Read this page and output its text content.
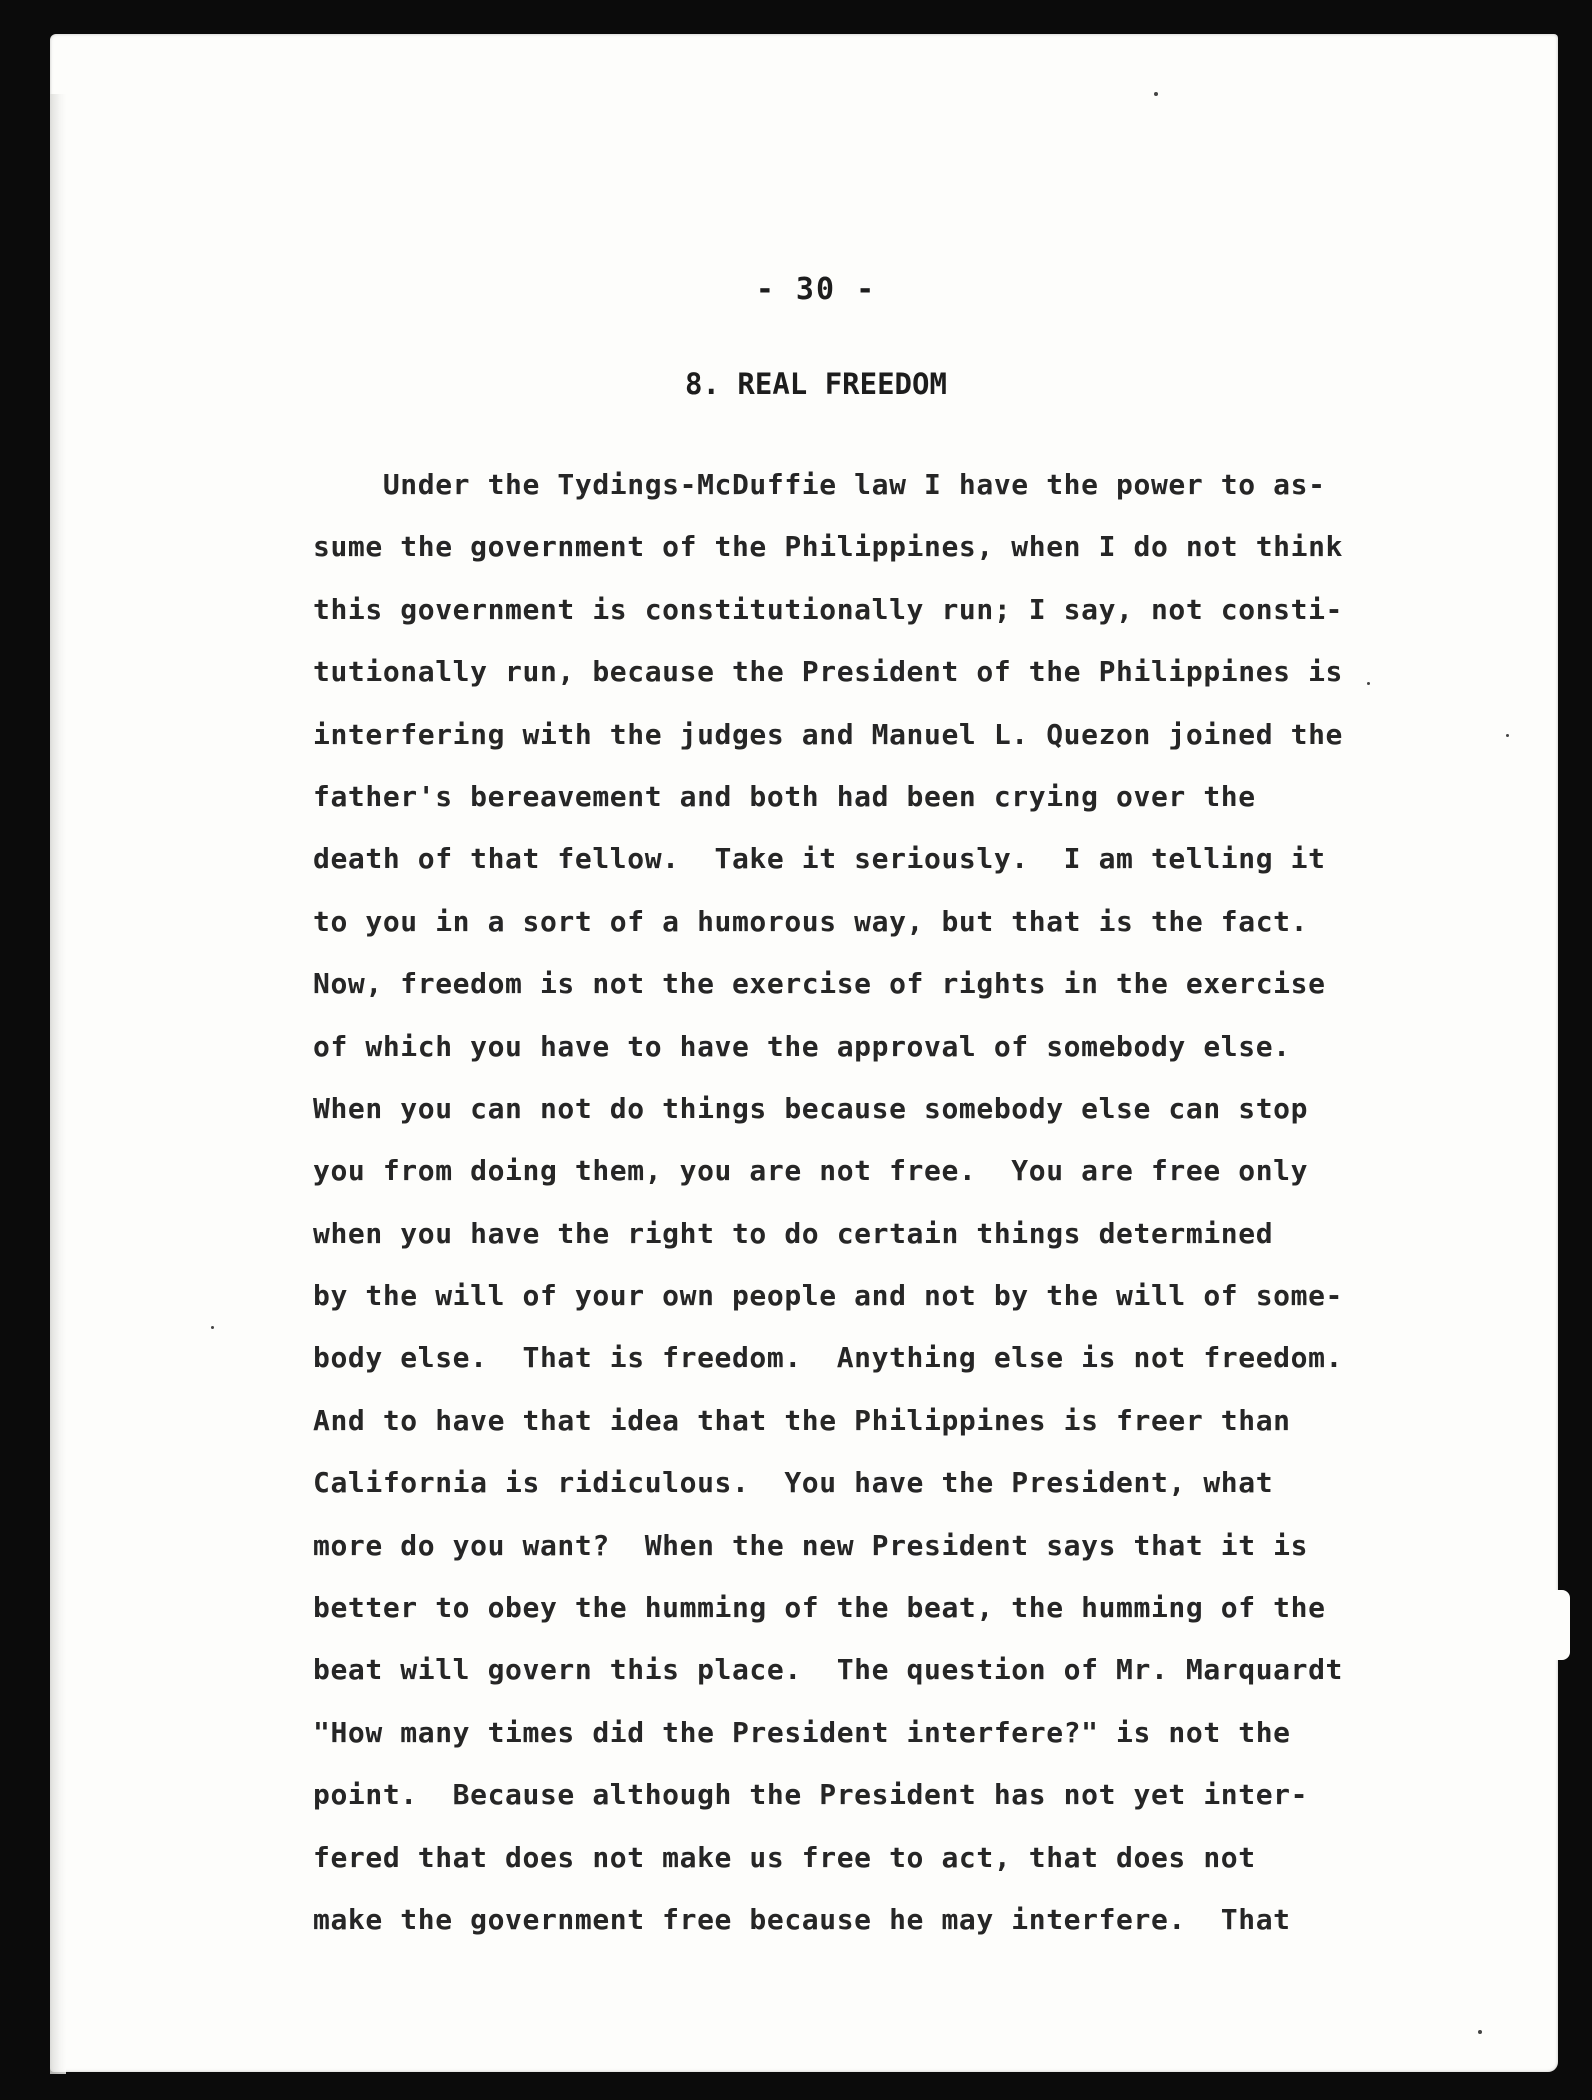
- 30 -
8. REAL FREEDOM
Under the Tydings-McDuffie law I have the power to as-
sume the government of the Philippines, when I do not think
this government is constitutionally run; I say, not consti-
tutionally run, because the President of the Philippines is
interfering with the judges and Manuel L. Quezon joined the
father's bereavement and both had been crying over the
death of that fellow.  Take it seriously.  I am telling it
to you in a sort of a humorous way, but that is the fact.
Now, freedom is not the exercise of rights in the exercise
of which you have to have the approval of somebody else.
When you can not do things because somebody else can stop
you from doing them, you are not free.  You are free only
when you have the right to do certain things determined
by the will of your own people and not by the will of some-
body else.  That is freedom.  Anything else is not freedom.
And to have that idea that the Philippines is freer than
California is ridiculous.  You have the President, what
more do you want?  When the new President says that it is
better to obey the humming of the beat, the humming of the
beat will govern this place.  The question of Mr. Marquardt
"How many times did the President interfere?" is not the
point.  Because although the President has not yet inter-
fered that does not make us free to act, that does not
make the government free because he may interfere.  That
